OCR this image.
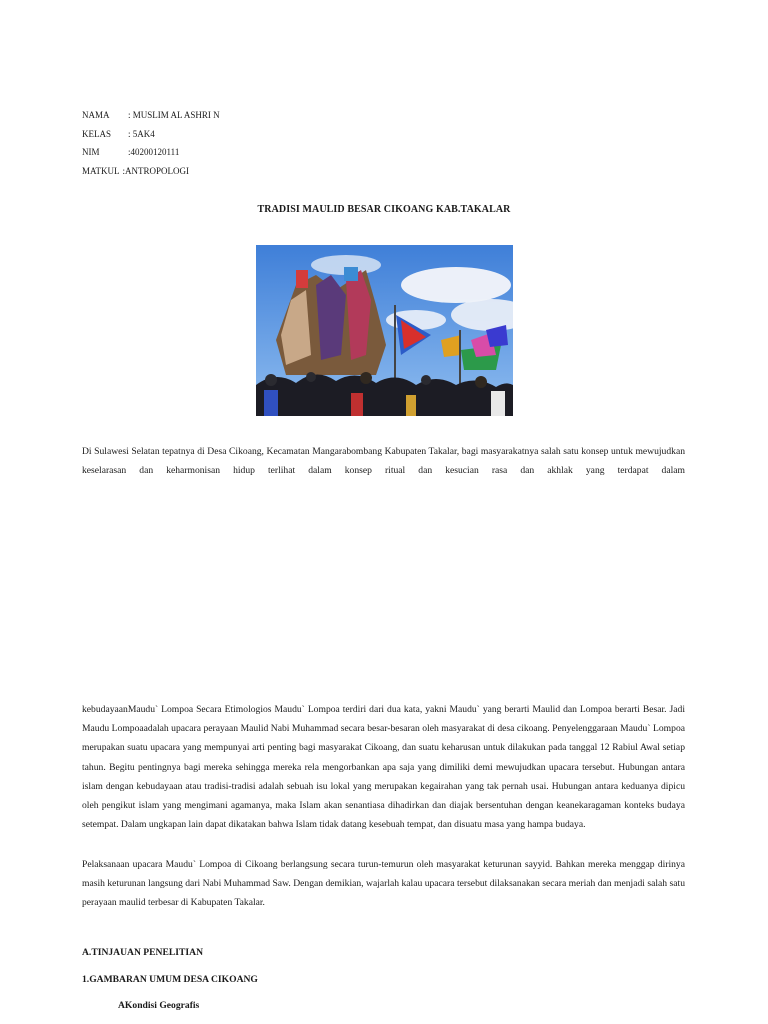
NAMA : MUSLIM AL ASHRI N
KELAS : 5AK4
NIM	:40200120111
MATKUL :ANTROPOLOGI
TRADISI MAULID BESAR CIKOANG KAB.TAKALAR
Di Sulawesi Selatan tepatnya di Desa Cikoang, Kecamatan Mangarabombang Kabupaten Takalar, bagi masyarakatnya salah satu konsep untuk mewujudkan keselarasan dan keharmonisan hidup terlihat dalam konsep ritual dan kesucian rasa dan akhlak yang terdapat dalam
kebudayaanMaudu` Lompoa Secara Etimologios Maudu` Lompoa terdiri dari dua kata, yakni Maudu` yang berarti Maulid dan Lompoa berarti Besar. Jadi Maudu Lompoaadalah upacara perayaan Maulid Nabi Muhammad secara besar-besaran oleh masyarakat di desa cikoang. Penyelenggaraan Maudu` Lompoa merupakan suatu upacara yang mempunyai arti penting bagi masyarakat Cikoang, dan suatu keharusan untuk dilakukan pada tanggal 12 Rabiul Awal setiap tahun. Begitu pentingnya bagi mereka sehingga mereka rela mengorbankan apa saja yang dimiliki demi mewujudkan upacara tersebut. Hubungan antara islam dengan kebudayaan atau tradisi-tradisi adalah sebuah isu lokal yang merupakan kegairahan yang tak pernah usai. Hubungan antara keduanya dipicu oleh pengikut islam yang mengimani agamanya, maka Islam akan senantiasa dihadirkan dan diajak bersentuhan dengan keanekaragaman konteks budaya setempat. Dalam ungkapan lain dapat dikatakan bahwa Islam tidak datang kesebuah tempat, dan disuatu masa yang hampa budaya.
Pelaksanaan upacara Maudu` Lompoa di Cikoang berlangsung secara turun-temurun oleh masyarakat keturunan sayyid. Bahkan mereka menggap dirinya masih keturunan langsung dari Nabi Muhammad Saw. Dengan demikian, wajarlah kalau upacara tersebut dilaksanakan secara meriah dan menjadi salah satu perayaan maulid terbesar di Kabupaten Takalar.
A.TINJAUAN PENELITIAN
1.GAMBARAN UMUM DESA CIKOANG
AKondisi Geografis
